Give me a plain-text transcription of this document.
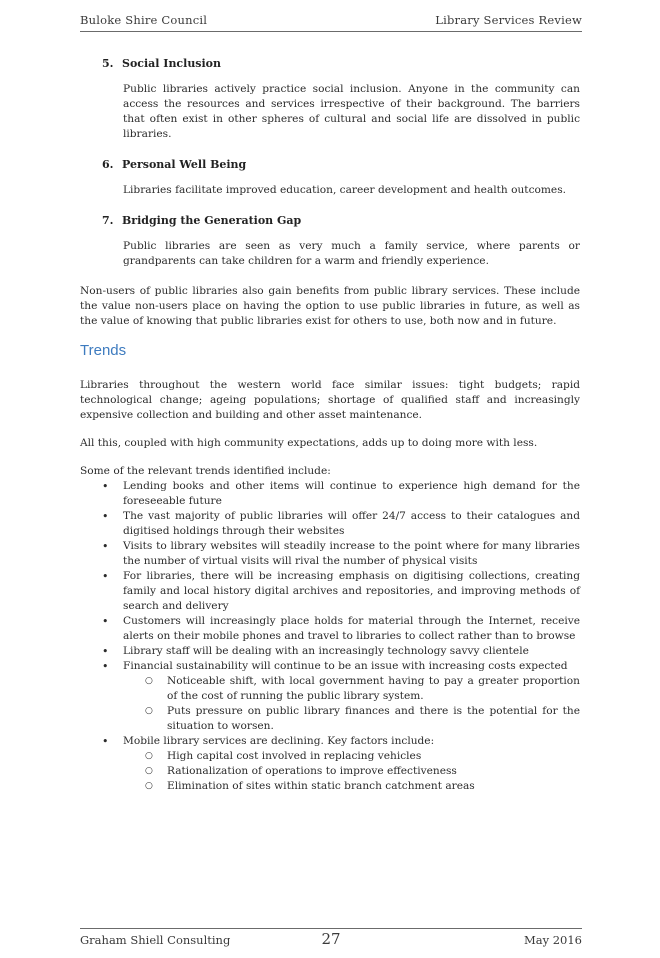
Buloke Shire Council	Library Services Review
5. Social Inclusion
Public libraries actively practice social inclusion. Anyone in the community can access the resources and services irrespective of their background. The barriers that often exist in other spheres of cultural and social life are dissolved in public libraries.
6. Personal Well Being
Libraries facilitate improved education, career development and health outcomes.
7. Bridging the Generation Gap
Public libraries are seen as very much a family service, where parents or grandparents can take children for a warm and friendly experience.

Non-users of public libraries also gain benefits from public library services. These include the value non-users place on having the option to use public libraries in future, as well as the value of knowing that public libraries exist for others to use, both now and in future.

Trends

Libraries throughout the western world face similar issues: tight budgets; rapid technological change; ageing populations; shortage of qualified staff and increasingly expensive collection and building and other asset maintenance.

All this, coupled with high community expectations, adds up to doing more with less.

Some of the relevant trends identified include:

• Lending books and other items will continue to experience high demand for the foreseeable future
• The vast majority of public libraries will offer 24/7 access to their catalogues and digitised holdings through their websites
• Visits to library websites will steadily increase to the point where for many libraries the number of virtual visits will rival the number of physical visits
• For libraries, there will be increasing emphasis on digitising collections, creating family and local history digital archives and repositories, and improving methods of search and delivery
• Customers will increasingly place holds for material through the Internet, receive alerts on their mobile phones and travel to libraries to collect rather than to browse
• Library staff will be dealing with an increasingly technology savvy clientele
• Financial sustainability will continue to be an issue with increasing costs expected
○ Noticeable shift, with local government having to pay a greater proportion of the cost of running the public library system.
○ Puts pressure on public library finances and there is the potential for the situation to worsen.
• Mobile library services are declining. Key factors include:
○ High capital cost involved in replacing vehicles
○ Rationalization of operations to improve effectiveness
○ Elimination of sites within static branch catchment areas
Graham Shiell Consulting	27	May 2016
